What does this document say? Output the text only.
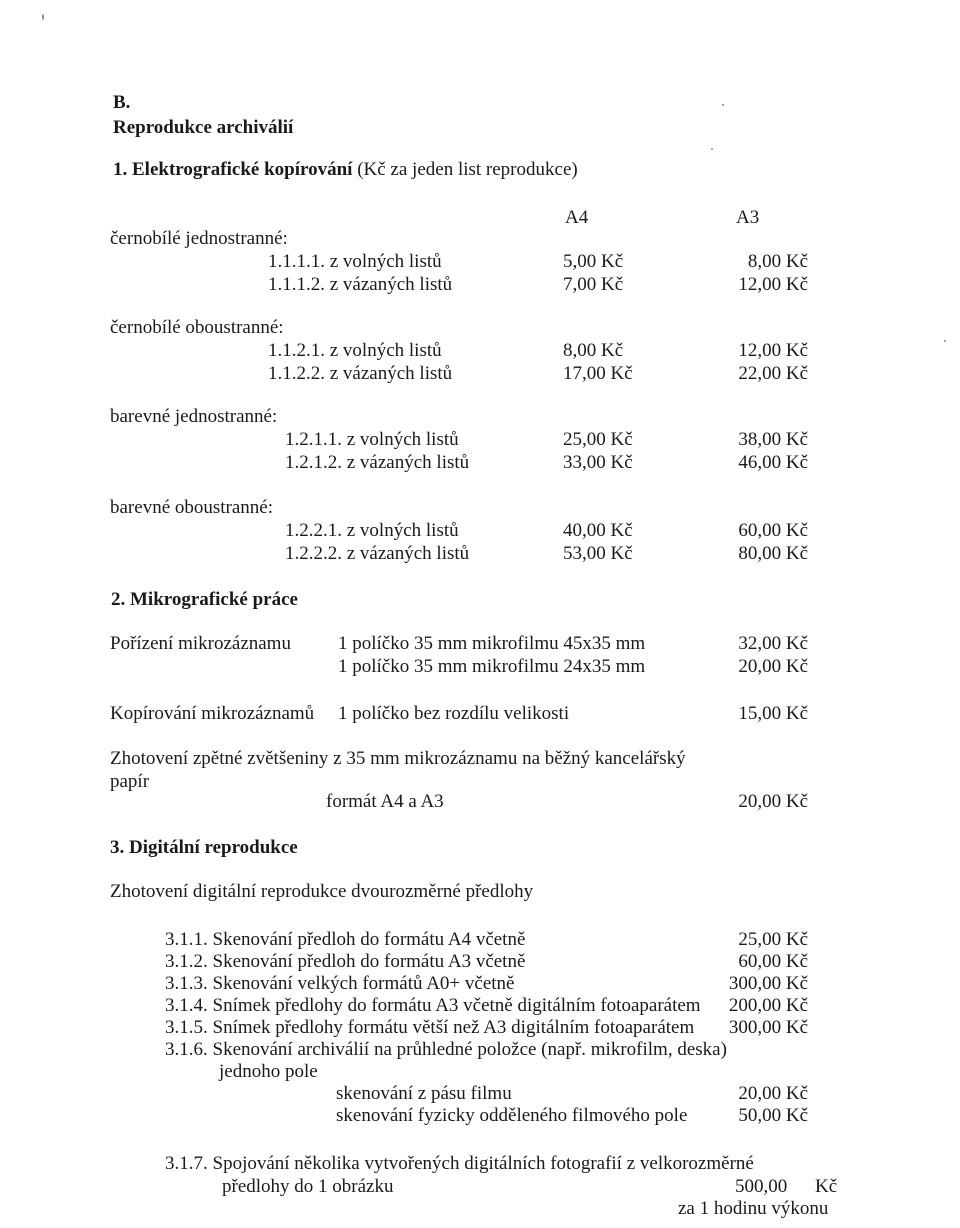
B.
Reprodukce archiválií
1. Elektrografické kopírování (Kč za jeden list reprodukce)
A4	A3
černobílé jednostranné:
1.1.1.1. z volných listů	5,00 Kč	8,00 Kč
1.1.1.2. z vázaných listů	7,00 Kč	12,00 Kč
černobílé oboustranné:
1.1.2.1. z volných listů	8,00 Kč	12,00 Kč
1.1.2.2. z vázaných listů	17,00 Kč	22,00 Kč
barevné jednostranné:
1.2.1.1. z volných listů	25,00 Kč	38,00 Kč
1.2.1.2. z vázaných listů	33,00 Kč	46,00 Kč
barevné oboustranné:
1.2.2.1. z volných listů	40,00 Kč	60,00 Kč
1.2.2.2. z vázaných listů	53,00 Kč	80,00 Kč
2. Mikrografické práce
Pořízení mikrozáznamu 1 políčko 35 mm mikrofilmu 45x35 mm	32,00 Kč
1 políčko 35 mm mikrofilmu 24x35 mm	20,00 Kč
Kopírování mikrozáznamů 1 políčko bez rozdílu velikosti	15,00 Kč
Zhotovení zpětné zvětšeniny z 35 mm mikrozáznamu na běžný kancelářský
papír
formát A4 a A3	20,00 Kč
3. Digitální reprodukce
Zhotovení digitální reprodukce dvourozměrné předlohy
3.1.1. Skenování předloh do formátu A4 včetně	25,00 Kč
3.1.2. Skenování předloh do formátu A3 včetně	60,00 Kč
3.1.3. Skenování velkých formátů A0+ včetně	300,00 Kč
3.1.4. Snímek předlohy do formátu A3 včetně digitálním fotoaparátem 200,00 Kč
3.1.5. Snímek předlohy formátu větší než A3 digitálním fotoaparátem 300,00 Kč
3.1.6. Skenování archiválií na průhledné položce (např. mikrofilm, deska)
jednoho pole
skenování z pásu filmu	20,00 Kč
skenování fyzicky odděleného filmového pole	50,00 Kč
3.1.7. Spojování několika vytvořených digitálních fotografií z velkorozměrné
předlohy do 1 obrázku	500,00 Kč
za 1 hodinu výkonu
